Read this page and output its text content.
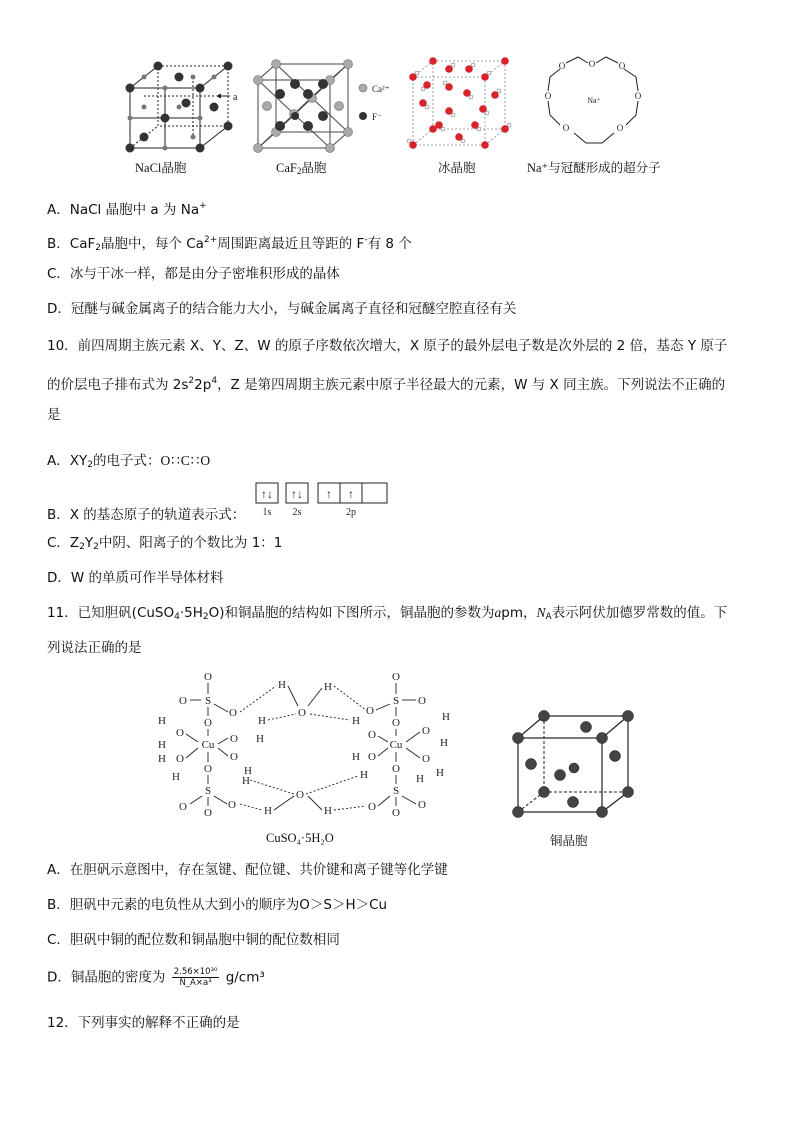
a
NaCl晶胞
Ca²⁺
F⁻
CaF2晶胞	冰晶胞
O
O	O
O	O
O	O
Na⁺
Na⁺与冠醚形成的超分子
A．NaCl 晶胞中 a 为 Na+
B．CaF2晶胞中，每个 $Ca^{2+}$周围距离最近且等距的 F-有 8 个
C．冰与干冰一样，都是由分子密堆积形成的晶体
D．冠醚与碱金属离子的结合能力大小，与碱金属离子直径和冠醚空腔直径有关
10．前四周期主族元素 X、Y、Z、W 的原子序数依次增大，X 原子的最外层电子数是次外层的 2 倍，基态 Y 原子
的价层电子排布式为 $2s^22p^4$，Z 是第四周期主族元素中原子半径最大的元素，W 与 X 同主族。下列说法不正确的
是
A．XY2的电子式：O∷C∷O
B．X 的基态原子的轨道表示式：
↑↓ ↑↓ ↑ ↑
1s 2s	2p
C．Z2Y2中阴、阳离子的个数比为 1：1
D．W 的单质可作半导体材料
11．已知胆矾(CuSO4·5H2O)和铜晶胞的结构如下图所示，铜晶胞的参数为apm，NA表示阿伏加德罗常数的值。下
列说法正确的是
O
S
O
O
O
Cu
O
S
O	O
O
H
O
H
H O
H
O H
O
H
H
O
H
H	H
O
H	H
H	H
O
S
O
O
O
Cu
O
S
O	O
O
H
O
H
O
H O	O
H H
CuSO₄·5H₂O	铜晶胞
A．在胆矾示意图中，存在氢键、配位键、共价键和离子键等化学键
B．胆矾中元素的电负性从大到小的顺序为O＞S＞H＞Cu
C．胆矾中铜的配位数和铜晶胞中铜的配位数相同
D．铜晶胞的密度为 $\frac{\text{2.56×10³⁰}}{\text{N\_A×a³}} g/cm^3$
12．下列事实的解释不正确的是
